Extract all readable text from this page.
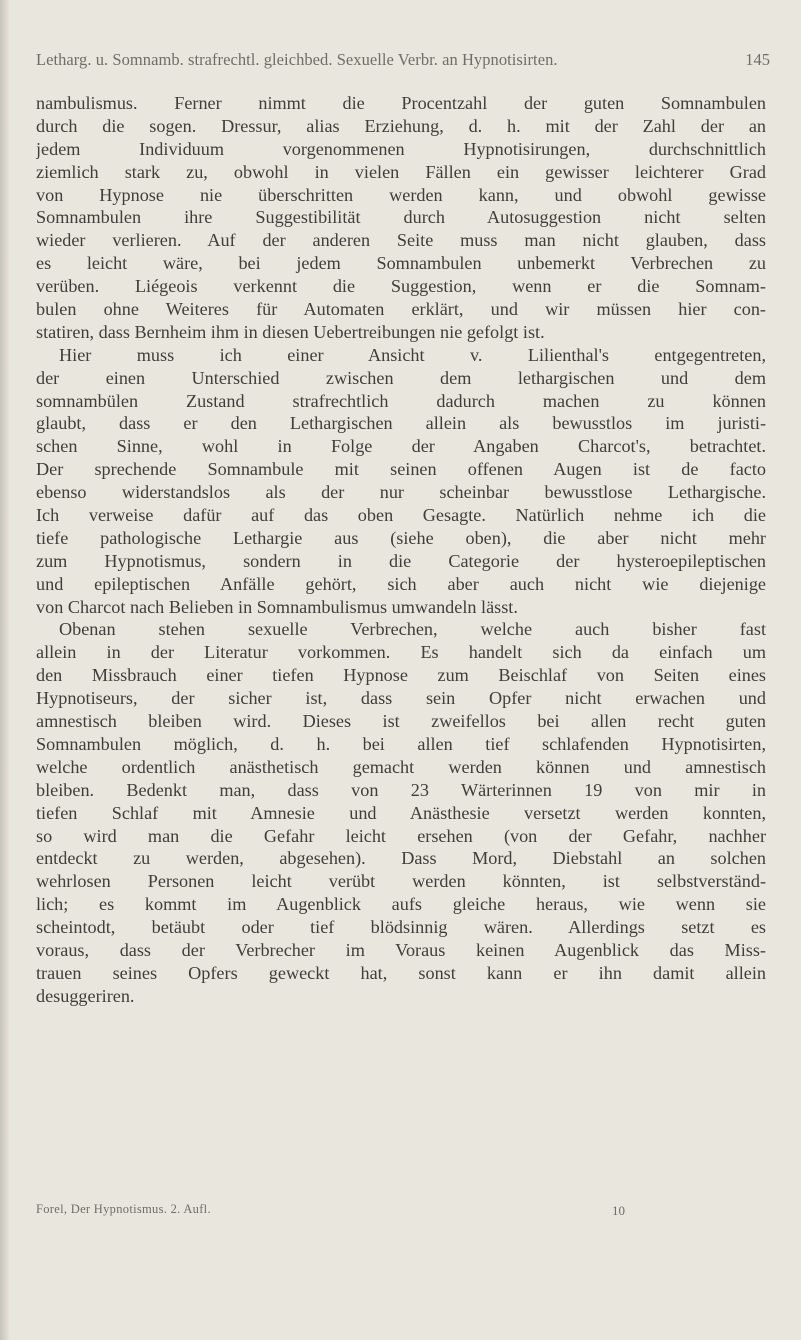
Letharg. u. Somnamb. strafrechtl. gleichbed. Sexuelle Verbr. an Hypnotisirten.	145
nambulismus. Ferner nimmt die Procentzahl der guten Somnambulen
durch die sogen. Dressur, alias Erziehung, d. h. mit der Zahl der an
jedem Individuum vorgenommenen Hypnotisirungen, durchschnittlich
ziemlich stark zu, obwohl in vielen Fällen ein gewisser leichterer Grad
von Hypnose nie überschritten werden kann, und obwohl gewisse
Somnambulen ihre Suggestibilität durch Autosuggestion nicht selten
wieder verlieren. Auf der anderen Seite muss man nicht glauben, dass
es leicht wäre, bei jedem Somnambulen unbemerkt Verbrechen zu
verüben. Liégeois verkennt die Suggestion, wenn er die Somnam-
bulen ohne Weiteres für Automaten erklärt, und wir müssen hier con-
statiren, dass Bernheim ihm in diesen Uebertreibungen nie gefolgt ist.
Hier muss ich einer Ansicht v. Lilienthal's entgegentreten,
der einen Unterschied zwischen dem lethargischen und dem
somnambülen Zustand strafrechtlich dadurch machen zu können
glaubt, dass er den Lethargischen allein als bewusstlos im juristi-
schen Sinne, wohl in Folge der Angaben Charcot's, betrachtet.
Der sprechende Somnambule mit seinen offenen Augen ist de facto
ebenso widerstandslos als der nur scheinbar bewusstlose Lethargische.
Ich verweise dafür auf das oben Gesagte. Natürlich nehme ich die
tiefe pathologische Lethargie aus (siehe oben), die aber nicht mehr
zum Hypnotismus, sondern in die Categorie der hysteroepileptischen
und epileptischen Anfälle gehört, sich aber auch nicht wie diejenige
von Charcot nach Belieben in Somnambulismus umwandeln lässt.
Obenan stehen sexuelle Verbrechen, welche auch bisher fast
allein in der Literatur vorkommen. Es handelt sich da einfach um
den Missbrauch einer tiefen Hypnose zum Beischlaf von Seiten eines
Hypnotiseurs, der sicher ist, dass sein Opfer nicht erwachen und
amnestisch bleiben wird. Dieses ist zweifellos bei allen recht guten
Somnambulen möglich, d. h. bei allen tief schlafenden Hypnotisirten,
welche ordentlich anästhetisch gemacht werden können und amnestisch
bleiben. Bedenkt man, dass von 23 Wärterinnen 19 von mir in
tiefen Schlaf mit Amnesie und Anästhesie versetzt werden konnten,
so wird man die Gefahr leicht ersehen (von der Gefahr, nachher
entdeckt zu werden, abgesehen). Dass Mord, Diebstahl an solchen
wehrlosen Personen leicht verübt werden könnten, ist selbstverständ-
lich; es kommt im Augenblick aufs gleiche heraus, wie wenn sie
scheintodt, betäubt oder tief blödsinnig wären. Allerdings setzt es
voraus, dass der Verbrecher im Voraus keinen Augenblick das Miss-
trauen seines Opfers geweckt hat, sonst kann er ihn damit allein
desuggeriren.
Forel, Der Hypnotismus. 2. Aufl.	10
